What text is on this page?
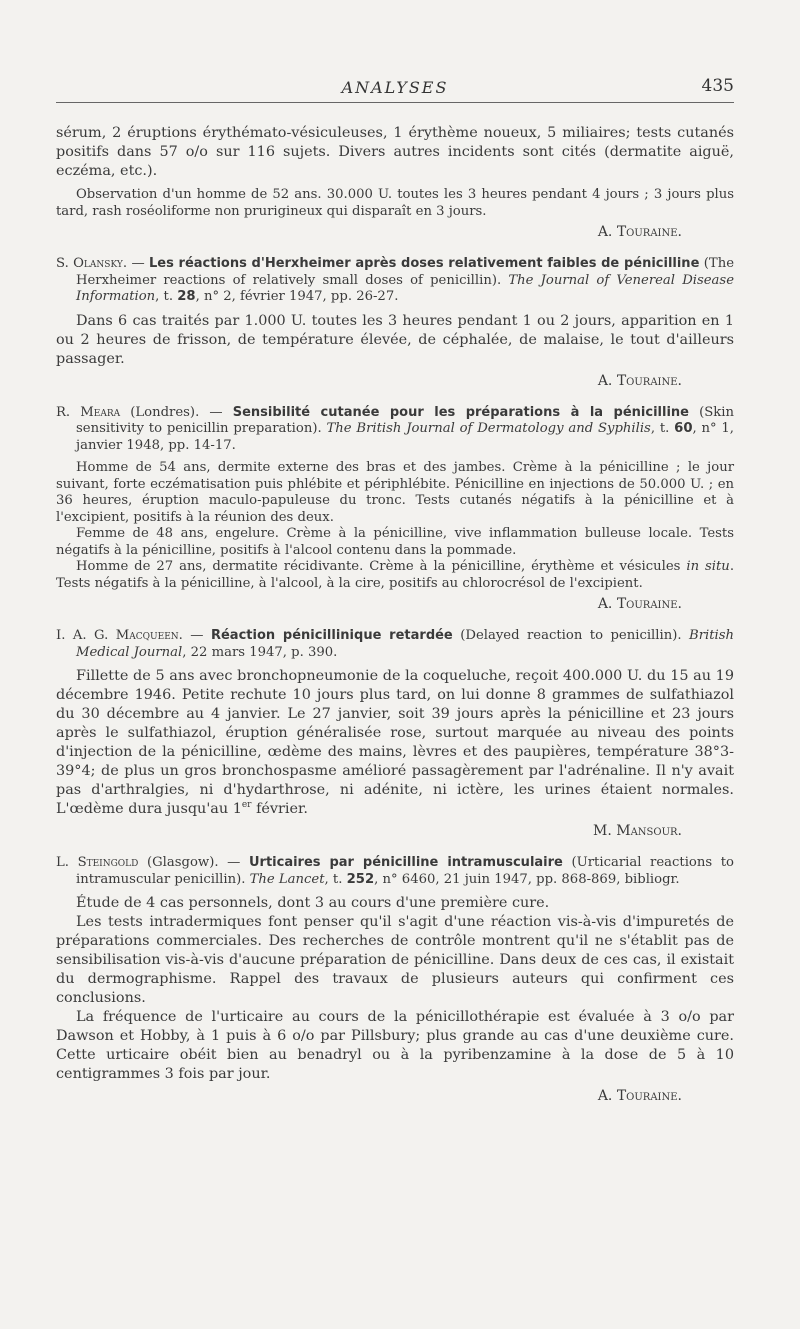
ANALYSES	435

sérum, 2 éruptions érythémato-vésiculeuses, 1 érythème noueux, 5 miliaires; tests cutanés positifs dans 57 o/o sur 116 sujets. Divers autres incidents sont cités (dermatite aiguë, eczéma, etc.).

Observation d'un homme de 52 ans. 30.000 U. toutes les 3 heures pendant 4 jours ; 3 jours plus tard, rash roséoliforme non prurigineux qui disparaît en 3 jours.

A. Touraine.

S. Olansky. — Les réactions d'Herxheimer après doses relativement faibles de pénicilline (The Herxheimer reactions of relatively small doses of penicillin). The Journal of Venereal Disease Information, t. 28, n° 2, février 1947, pp. 26-27.

Dans 6 cas traités par 1.000 U. toutes les 3 heures pendant 1 ou 2 jours, apparition en 1 ou 2 heures de frisson, de température élevée, de céphalée, de malaise, le tout d'ailleurs passager.

A. Touraine.

R. Meara (Londres). — Sensibilité cutanée pour les préparations à la pénicilline (Skin sensitivity to penicillin preparation). The British Journal of Dermatology and Syphilis, t. 60, n° 1, janvier 1948, pp. 14-17.

Homme de 54 ans, dermite externe des bras et des jambes. Crème à la pénicilline ; le jour suivant, forte eczématisation puis phlébite et périphlébite. Pénicilline en injections de 50.000 U. ; en 36 heures, éruption maculo-papuleuse du tronc. Tests cutanés négatifs à la pénicilline et à l'excipient, positifs à la réunion des deux.

Femme de 48 ans, engelure. Crème à la pénicilline, vive inflammation bulleuse locale. Tests négatifs à la pénicilline, positifs à l'alcool contenu dans la pommade.

Homme de 27 ans, dermatite récidivante. Crème à la pénicilline, érythème et vésicules in situ. Tests négatifs à la pénicilline, à l'alcool, à la cire, positifs au chlorocrésol de l'excipient.

A. Touraine.

I. A. G. Macqueen. — Réaction pénicillinique retardée (Delayed reaction to penicillin). British Medical Journal, 22 mars 1947, p. 390.

Fillette de 5 ans avec bronchopneumonie de la coqueluche, reçoit 400.000 U. du 15 au 19 décembre 1946. Petite rechute 10 jours plus tard, on lui donne 8 grammes de sulfathiazol du 30 décembre au 4 janvier. Le 27 janvier, soit 39 jours après la pénicilline et 23 jours après le sulfathiazol, éruption généralisée rose, surtout marquée au niveau des points d'injection de la pénicilline, œdème des mains, lèvres et des paupières, température 38°3-39°4; de plus un gros bronchospasme amélioré passagèrement par l'adrénaline. Il n'y avait pas d'arthralgies, ni d'hydarthrose, ni adénite, ni ictère, les urines étaient normales. L'œdème dura jusqu'au 1er février.

M. Mansour.

L. Steingold (Glasgow). — Urticaires par pénicilline intramusculaire (Urticarial reactions to intramuscular penicillin). The Lancet, t. 252, n° 6460, 21 juin 1947, pp. 868-869, bibliogr.

Étude de 4 cas personnels, dont 3 au cours d'une première cure.

Les tests intradermiques font penser qu'il s'agit d'une réaction vis-à-vis d'impuretés de préparations commerciales. Des recherches de contrôle montrent qu'il ne s'établit pas de sensibilisation vis-à-vis d'aucune préparation de pénicilline. Dans deux de ces cas, il existait du dermographisme. Rappel des travaux de plusieurs auteurs qui confirment ces conclusions.

La fréquence de l'urticaire au cours de la pénicillothérapie est évaluée à 3 o/o par Dawson et Hobby, à 1 puis à 6 o/o par Pillsbury; plus grande au cas d'une deuxième cure. Cette urticaire obéit bien au benadryl ou à la pyribenzamine à la dose de 5 à 10 centigrammes 3 fois par jour.

A. Touraine.
